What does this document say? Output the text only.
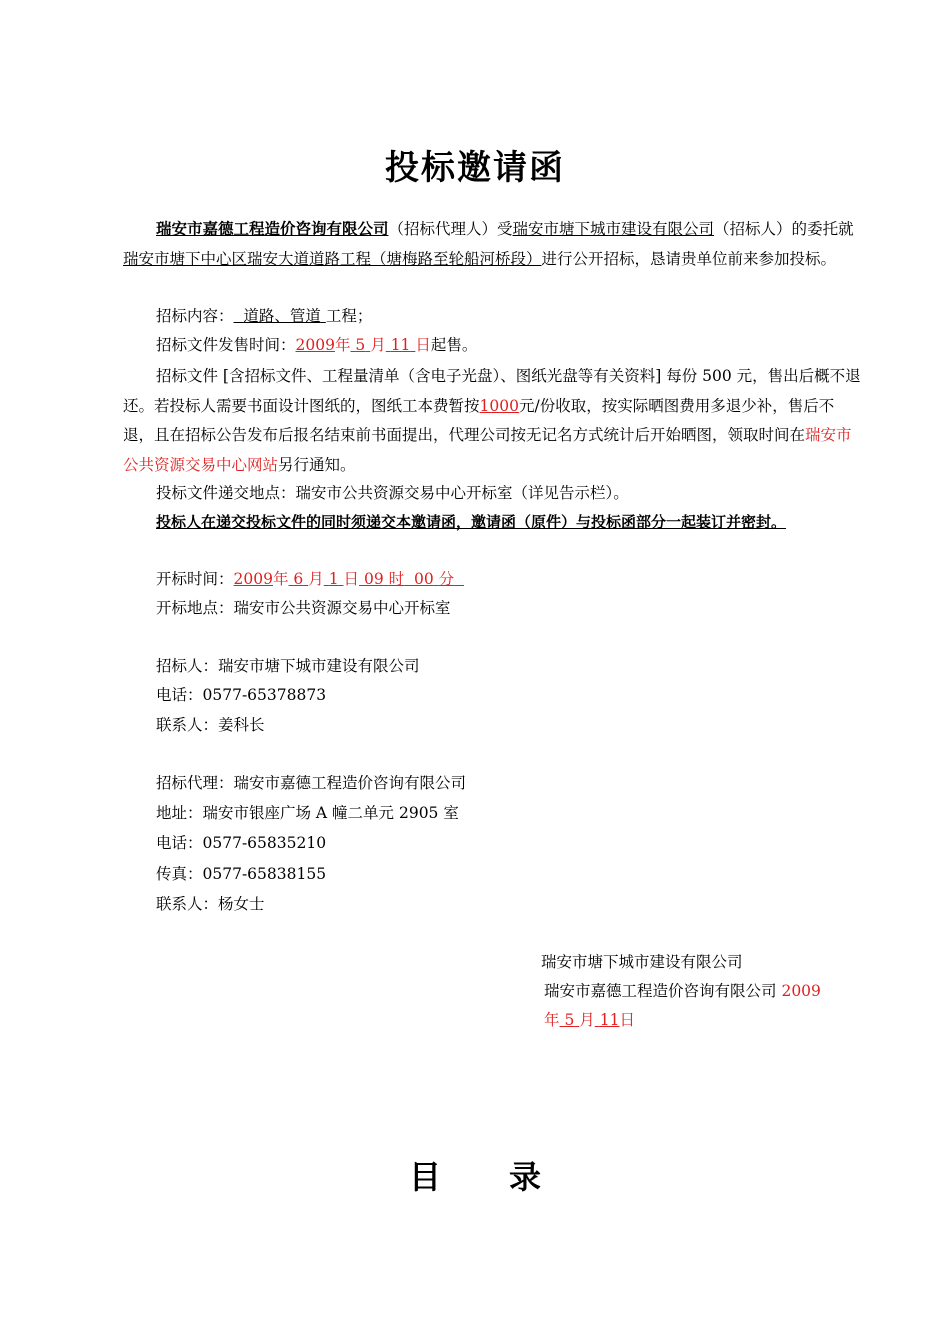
投标邀请函
瑞安市嘉德工程造价咨询有限公司（招标代理人）受瑞安市塘下城市建设有限公司（招标人）的委托就瑞安市塘下中心区瑞安大道道路工程（塘梅路至轮船河桥段）进行公开招标，恳请贵单位前来参加投标。
招标内容： 道路、管道 工程；
招标文件发售时间：2009年 5 月 11 日起售。
招标文件 [含招标文件、工程量清单（含电子光盘）、图纸光盘等有关资料] 每份 500 元，售出后概不退还。若投标人需要书面设计图纸的，图纸工本费暂按1000元/份收取，按实际晒图费用多退少补，售后不退，且在招标公告发布后报名结束前书面提出，代理公司按无记名方式统计后开始晒图，领取时间在瑞安市公共资源交易中心网站另行通知。
投标文件递交地点：瑞安市公共资源交易中心开标室（详见告示栏）。
投标人在递交投标文件的同时须递交本邀请函，邀请函（原件）与投标函部分一起装订并密封。
开标时间：2009年 6 月 1 日 09 时 00 分
开标地点：瑞安市公共资源交易中心开标室
招标人：瑞安市塘下城市建设有限公司
电话：0577-65378873
联系人：姜科长
招标代理：瑞安市嘉德工程造价咨询有限公司
地址：瑞安市银座广场 A 幢二单元 2905 室
电话：0577-65835210
传真：0577-65838155
联系人：杨女士
瑞安市塘下城市建设有限公司
瑞安市嘉德工程造价咨询有限公司 2009
年 5 月 11日
目 录
